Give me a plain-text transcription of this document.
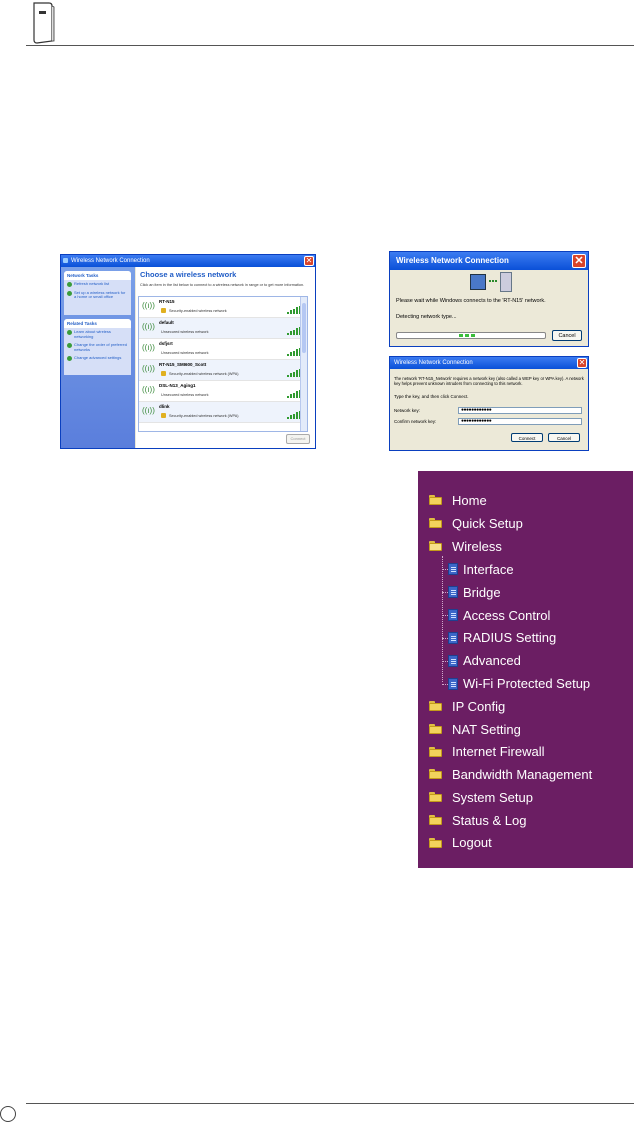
Wireless Network Connection	✕
Network Tasks
Refresh network list
Set up a wireless network for a home or small office
Related Tasks
Learn about wireless networking
Change the order of preferred networks
Change advanced settings
Choose a wireless network
Click an item in the list below to connect to a wireless network in range or to get more information.
((ı)) RT-N15
Security-enabled wireless network
((ı)) default
Unsecured wireless network
((ı)) dsfjsrt
Unsecured wireless network
((ı)) RT-N15_SMI600_Scott
Security-enabled wireless network (WPA)
((ı)) DSL-N13_Aging1
Unsecured wireless network
((ı)) dlink
Security-enabled wireless network (WPA)
Connect
Wireless Network Connection	✕
Please wait while Windows connects to the 'RT-N15' network.
Detecting network type...
Cancel
Wireless Network Connection	✕
The network 'RT-N15_Network' requires a network key (also called a WEP key or WPA key). A network key helps prevent unknown intruders from connecting to this network.
Type the key, and then click Connect.
Network key:	●●●●●●●●●●●●
Confirm network key:	●●●●●●●●●●●●
Connect	Cancel
Home
Quick Setup
Wireless
Interface
Bridge
Access Control
RADIUS Setting
Advanced
Wi-Fi Protected Setup
IP Config
NAT Setting
Internet Firewall
Bandwidth Management
System Setup
Status & Log
Logout
